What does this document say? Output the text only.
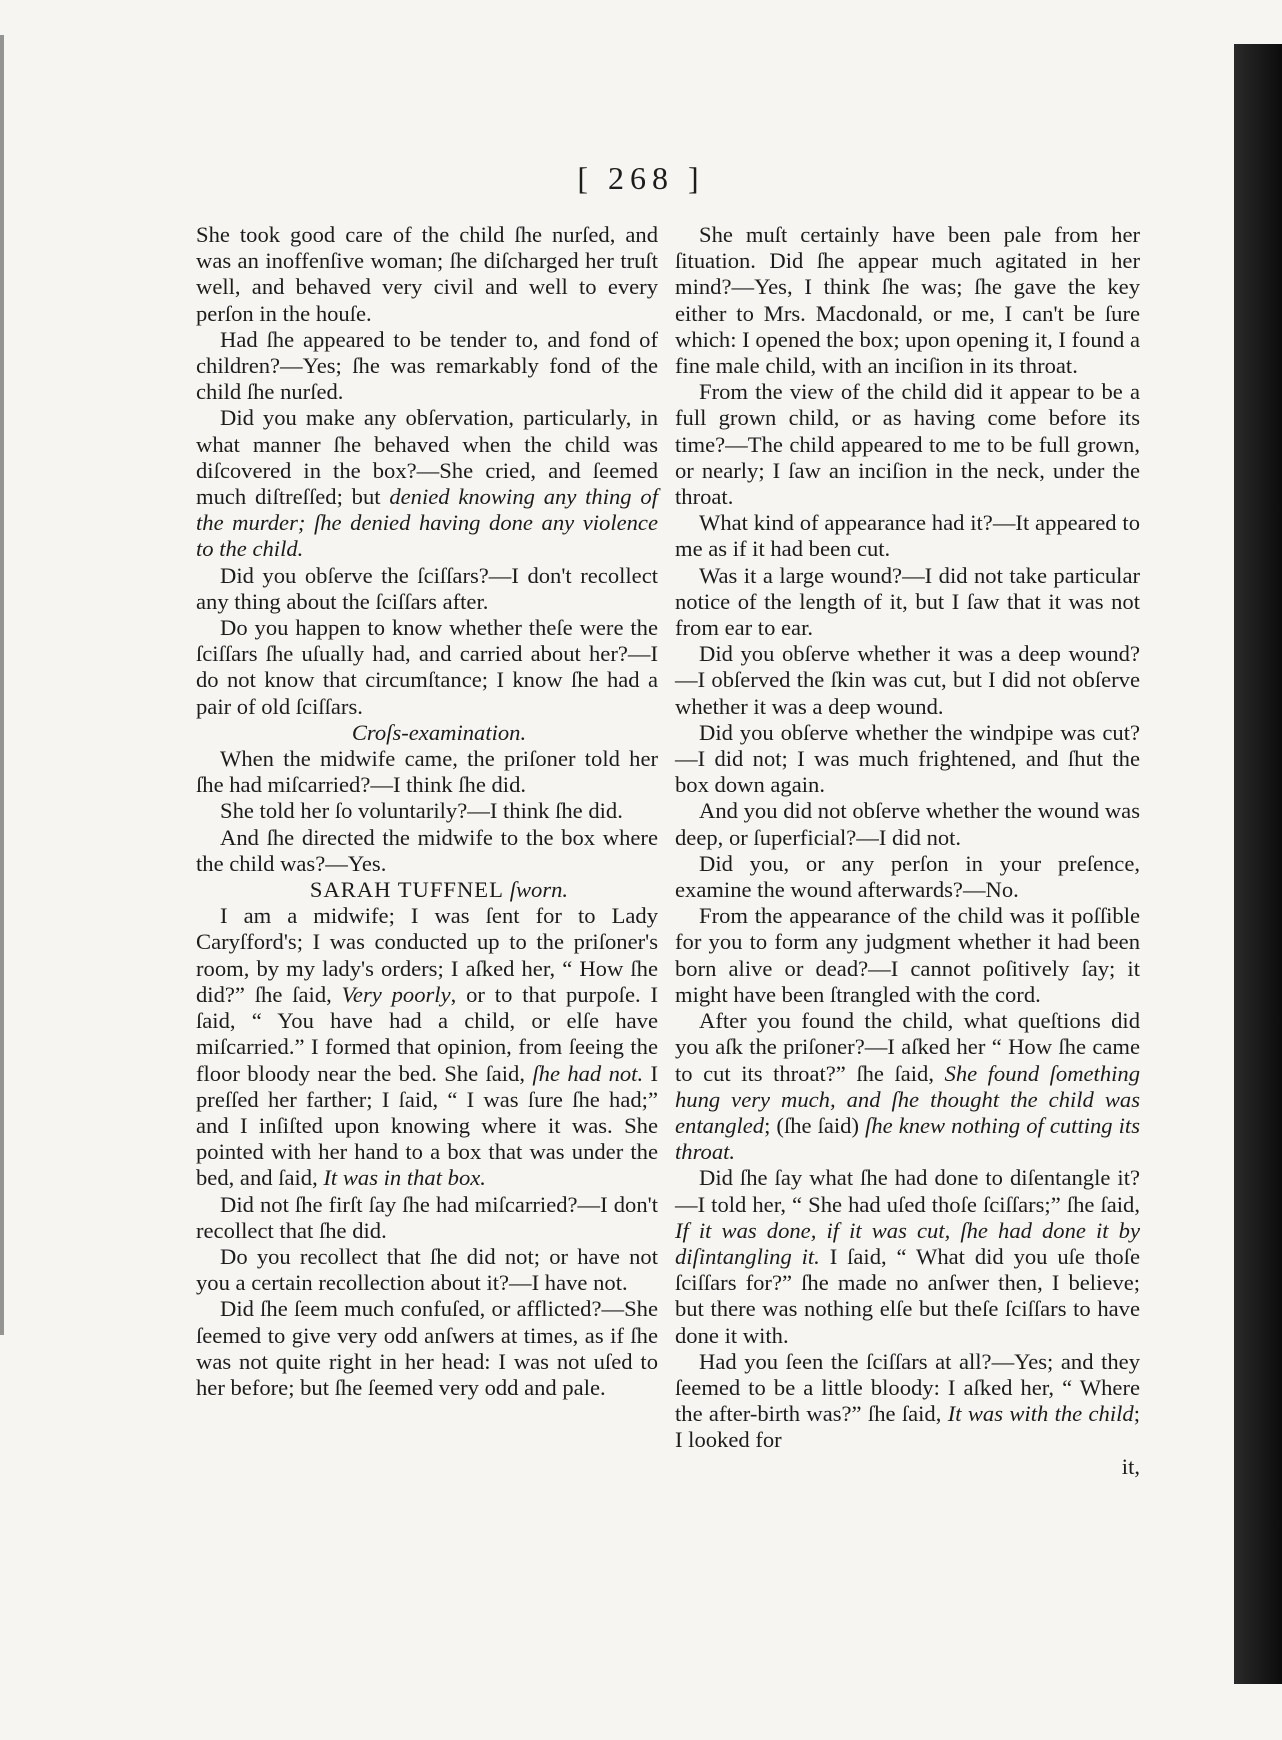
[ 268 ]

She took good care of the child ſhe nurſed, and was an inoffenſive woman; ſhe diſcharged her truſt well, and behaved very civil and well to every perſon in the houſe.

Had ſhe appeared to be tender to, and fond of children?—Yes; ſhe was remarkably fond of the child ſhe nurſed.

Did you make any obſervation, particularly, in what manner ſhe behaved when the child was diſcovered in the box?—She cried, and ſeemed much diſtreſſed; but denied knowing any thing of the murder; ſhe denied having done any violence to the child.

Did you obſerve the ſciſſars?—I don't recollect any thing about the ſciſſars after.

Do you happen to know whether theſe were the ſciſſars ſhe uſually had, and carried about her?—I do not know that circumſtance; I know ſhe had a pair of old ſciſſars.

Croſs-examination.

When the midwife came, the priſoner told her ſhe had miſcarried?—I think ſhe did.

She told her ſo voluntarily?—I think ſhe did.

And ſhe directed the midwife to the box where the child was?—Yes.

SARAH TUFFNEL ſworn.

I am a midwife; I was ſent for to Lady Caryſford's; I was conducted up to the priſoner's room, by my lady's orders; I aſked her, “ How ſhe did?” ſhe ſaid, Very poorly, or to that purpoſe. I ſaid, “ You have had a child, or elſe have miſcarried.” I formed that opinion, from ſeeing the floor bloody near the bed. She ſaid, ſhe had not. I preſſed her farther; I ſaid, “ I was ſure ſhe had;” and I inſiſted upon knowing where it was. She pointed with her hand to a box that was under the bed, and ſaid, It was in that box.

Did not ſhe firſt ſay ſhe had miſcarried?—I don't recollect that ſhe did.

Do you recollect that ſhe did not; or have not you a certain recollection about it?—I have not.

Did ſhe ſeem much confuſed, or afflicted?—She ſeemed to give very odd anſwers at times, as if ſhe was not quite right in her head: I was not uſed to her before; but ſhe ſeemed very odd and pale.

She muſt certainly have been pale from her ſituation. Did ſhe appear much agitated in her mind?—Yes, I think ſhe was; ſhe gave the key either to Mrs. Macdonald, or me, I can't be ſure which: I opened the box; upon opening it, I found a fine male child, with an inciſion in its throat.

From the view of the child did it appear to be a full grown child, or as having come before its time?—The child appeared to me to be full grown, or nearly; I ſaw an inciſion in the neck, under the throat.

What kind of appearance had it?—It appeared to me as if it had been cut.

Was it a large wound?—I did not take particular notice of the length of it, but I ſaw that it was not from ear to ear.

Did you obſerve whether it was a deep wound?—I obſerved the ſkin was cut, but I did not obſerve whether it was a deep wound.

Did you obſerve whether the windpipe was cut?—I did not; I was much frightened, and ſhut the box down again.

And you did not obſerve whether the wound was deep, or ſuperficial?—I did not.

Did you, or any perſon in your preſence, examine the wound afterwards?—No.

From the appearance of the child was it poſſible for you to form any judgment whether it had been born alive or dead?—I cannot poſitively ſay; it might have been ſtrangled with the cord.

After you found the child, what queſtions did you aſk the priſoner?—I aſked her “ How ſhe came to cut its throat?” ſhe ſaid, She found ſomething hung very much, and ſhe thought the child was entangled; (ſhe ſaid) ſhe knew nothing of cutting its throat.

Did ſhe ſay what ſhe had done to diſentangle it?—I told her, “ She had uſed thoſe ſciſſars;” ſhe ſaid, If it was done, if it was cut, ſhe had done it by diſintangling it. I ſaid, “ What did you uſe thoſe ſciſſars for?” ſhe made no anſwer then, I believe; but there was nothing elſe but theſe ſciſſars to have done it with.

Had you ſeen the ſciſſars at all?—Yes; and they ſeemed to be a little bloody: I aſked her, “ Where the after-birth was?” ſhe ſaid, It was with the child; I looked for

it,
